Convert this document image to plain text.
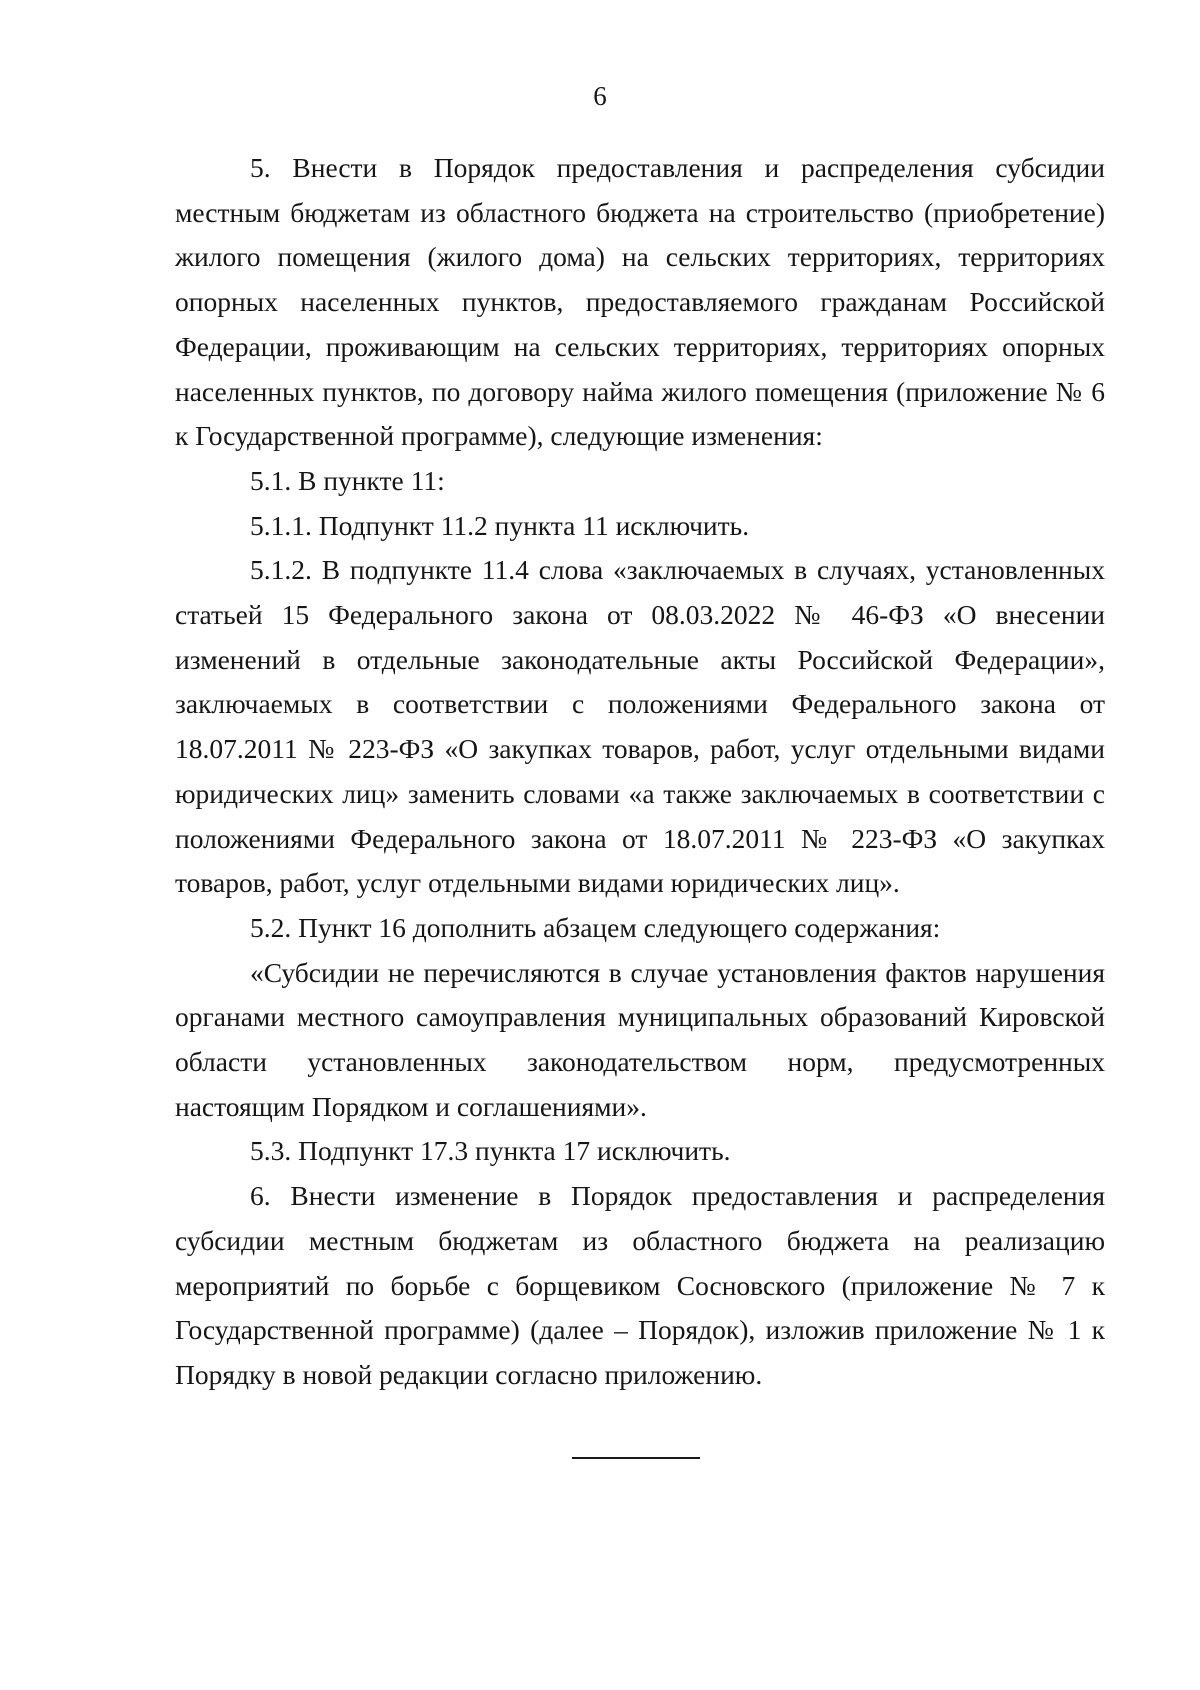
6

5. Внести в Порядок предоставления и распределения субсидии местным бюджетам из областного бюджета на строительство (приобретение) жилого помещения (жилого дома) на сельских территориях, территориях опорных населенных пунктов, предоставляемого гражданам Российской Федерации, проживающим на сельских территориях, территориях опорных населенных пунктов, по договору найма жилого помещения (приложение № 6 к Государственной программе), следующие изменения:

5.1. В пункте 11:

5.1.1. Подпункт 11.2 пункта 11 исключить.

5.1.2. В подпункте 11.4 слова «заключаемых в случаях, установленных статьей 15 Федерального закона от 08.03.2022 № 46-ФЗ «О внесении изменений в отдельные законодательные акты Российской Федерации», заключаемых в соответствии с положениями Федерального закона от 18.07.2011 № 223-ФЗ «О закупках товаров, работ, услуг отдельными видами юридических лиц» заменить словами «а также заключаемых в соответствии с положениями Федерального закона от 18.07.2011 № 223-ФЗ «О закупках товаров, работ, услуг отдельными видами юридических лиц».

5.2. Пункт 16 дополнить абзацем следующего содержания:

«Субсидии не перечисляются в случае установления фактов нарушения органами местного самоуправления муниципальных образований Кировской области установленных законодательством норм, предусмотренных настоящим Порядком и соглашениями».

5.3. Подпункт 17.3 пункта 17 исключить.

6. Внести изменение в Порядок предоставления и распределения субсидии местным бюджетам из областного бюджета на реализацию мероприятий по борьбе с борщевиком Сосновского (приложение № 7 к Государственной программе) (далее – Порядок), изложив приложение № 1 к Порядку в новой редакции согласно приложению.
